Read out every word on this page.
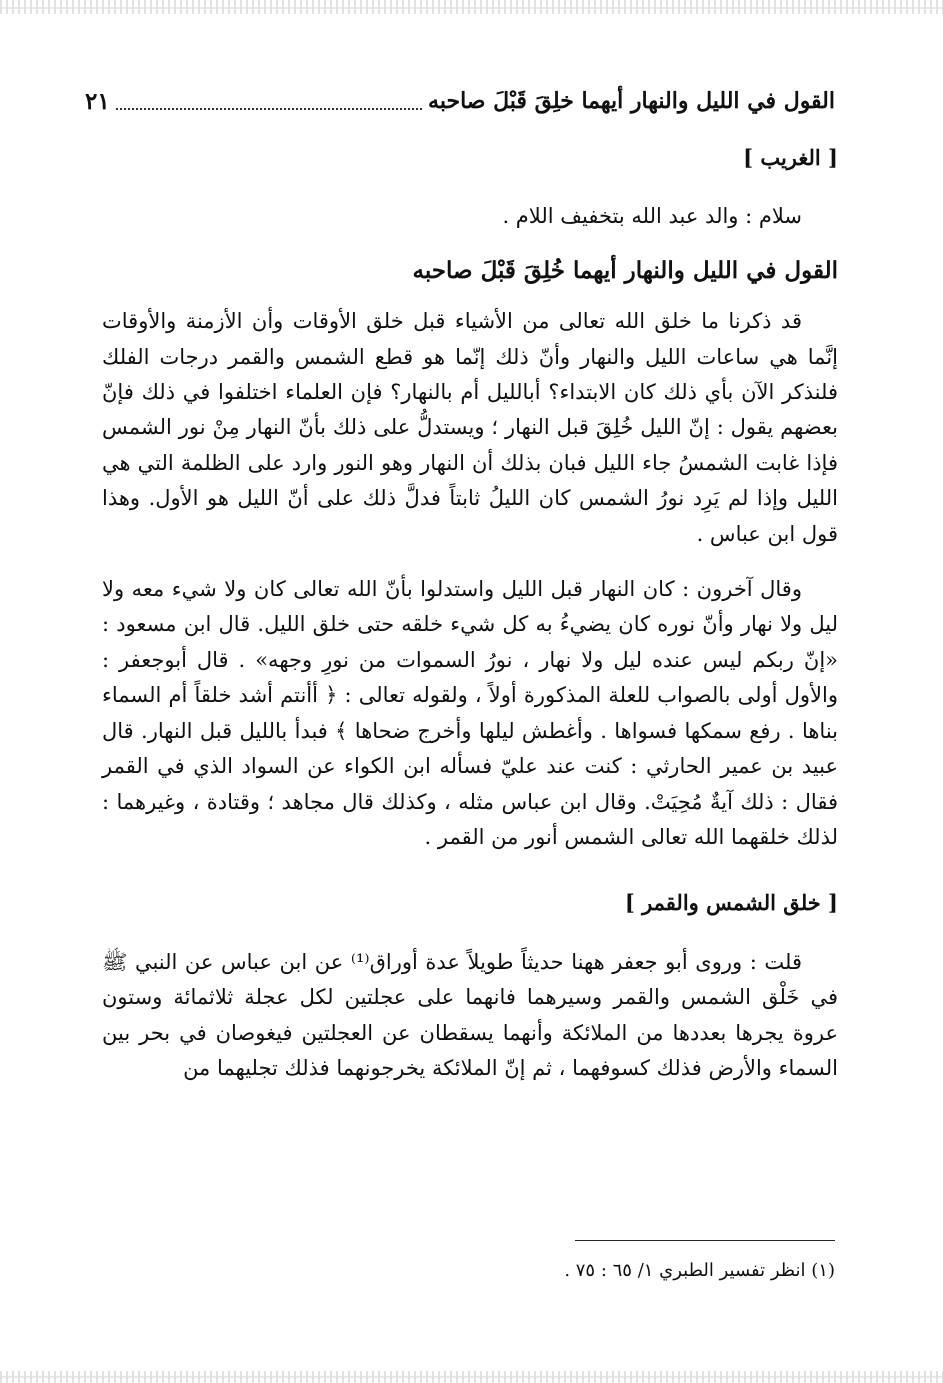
القول في الليل والنهار أيهما خلِقَ قَبْلَ صاحبه
٢١
[ الغريب ]
سلام : والد عبد الله بتخفيف اللام .
القول في الليل والنهار أيهما خُلِقَ قَبْلَ صاحبه

قد ذكرنا ما خلق الله تعالى من الأشياء قبل خلق الأوقات وأن الأزمنة والأوقات إنَّما هي ساعات الليل والنهار وأنّ ذلك إنّما هو قطع الشمس والقمر درجات الفلك فلنذكر الآن بأي ذلك كان الابتداء؟ أبالليل أم بالنهار؟ فإن العلماء اختلفوا في ذلك فإنّ بعضهم يقول : إنّ الليل خُلِقَ قبل النهار ؛ ويستدلُّ على ذلك بأنّ النهار مِنْ نور الشمس فإذا غابت الشمسُ جاء الليل فبان بذلك أن النهار وهو النور وارد على الظلمة التي هي الليل وإذا لم يَرِد نورُ الشمس كان الليلُ ثابتاً فدلَّ ذلك على أنّ الليل هو الأول. وهذا قول ابن عباس .

وقال آخرون : كان النهار قبل الليل واستدلوا بأنّ الله تعالى كان ولا شيء معه ولا ليل ولا نهار وأنّ نوره كان يضيءُ به كل شيء خلقه حتى خلق الليل. قال ابن مسعود : «إنّ ربكم ليس عنده ليل ولا نهار ، نورُ السموات من نورِ وجهه» . قال أبوجعفر : والأول أولى بالصواب للعلة المذكورة أولاً ، ولقوله تعالى : ﴿ أأنتم أشد خلقاً أم السماء بناها . رفع سمكها فسواها . وأغطش ليلها وأخرج ضحاها ﴾ فبدأ بالليل قبل النهار. قال عبيد بن عمير الحارثي : كنت عند عليّ فسأله ابن الكواء عن السواد الذي في القمر فقال : ذلك آيةٌ مُحِيَتْ. وقال ابن عباس مثله ، وكذلك قال مجاهد ؛ وقتادة ، وغيرهما : لذلك خلقهما الله تعالى الشمس أنور من القمر .

[ خلق الشمس والقمر ]

قلت : وروى أبو جعفر ههنا حديثاً طويلاً عدة أوراق⁽¹⁾ عن ابن عباس عن النبي ﷺ في خَلْق الشمس والقمر وسيرهما فانهما على عجلتين لكل عجلة ثلاثمائة وستون عروة يجرها بعددها من الملائكة وأنهما يسقطان عن العجلتين فيغوصان في بحر بين السماء والأرض فذلك كسوفهما ، ثم إنّ الملائكة يخرجونهما فذلك تجليهما من

(١) انظر تفسير الطبري ١/ ٦٥ : ٧٥ .
